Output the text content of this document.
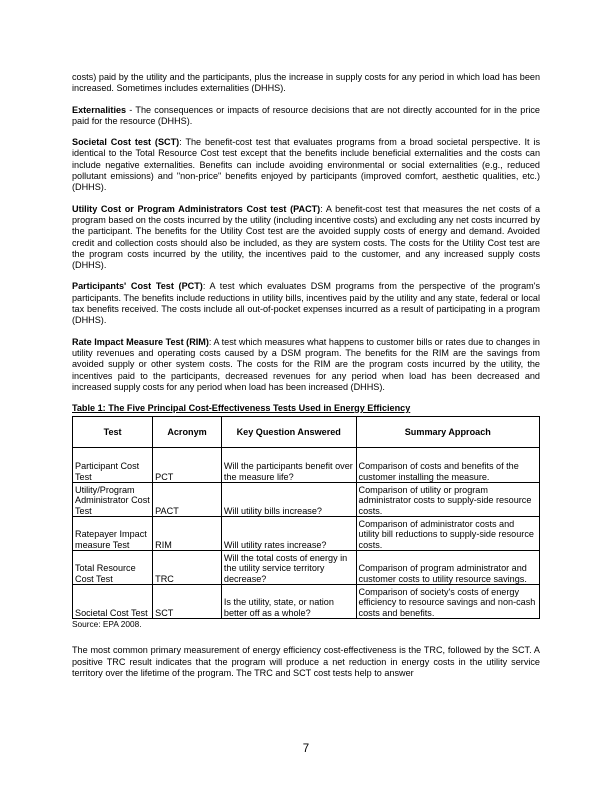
costs) paid by the utility and the participants, plus the increase in supply costs for any period in which load has been increased. Sometimes includes externalities (DHHS).

Externalities - The consequences or impacts of resource decisions that are not directly accounted for in the price paid for the resource (DHHS).

Societal Cost test (SCT): The benefit-cost test that evaluates programs from a broad societal perspective. It is identical to the Total Resource Cost test except that the benefits include beneficial externalities and the costs can include negative externalities. Benefits can include avoiding environmental or social externalities (e.g., reduced pollutant emissions) and "non-price" benefits enjoyed by participants (improved comfort, aesthetic qualities, etc.) (DHHS).

Utility Cost or Program Administrators Cost test (PACT): A benefit-cost test that measures the net costs of a program based on the costs incurred by the utility (including incentive costs) and excluding any net costs incurred by the participant. The benefits for the Utility Cost test are the avoided supply costs of energy and demand. Avoided credit and collection costs should also be included, as they are system costs. The costs for the Utility Cost test are the program costs incurred by the utility, the incentives paid to the customer, and any increased supply costs (DHHS).

Participants' Cost Test (PCT): A test which evaluates DSM programs from the perspective of the program's participants. The benefits include reductions in utility bills, incentives paid by the utility and any state, federal or local tax benefits received. The costs include all out-of-pocket expenses incurred as a result of participating in a program (DHHS).

Rate Impact Measure Test (RIM): A test which measures what happens to customer bills or rates due to changes in utility revenues and operating costs caused by a DSM program. The benefits for the RIM are the savings from avoided supply or other system costs. The costs for the RIM are the program costs incurred by the utility, the incentives paid to the participants, decreased revenues for any period when load has been decreased and increased supply costs for any period when load has been increased (DHHS).

Table 1: The Five Principal Cost-Effectiveness Tests Used in Energy Efficiency
Test	Acronym	Key Question Answered	Summary Approach
Participant Cost Test	PCT	Will the participants benefit over the measure life?	Comparison of costs and benefits of the customer installing the measure.
Utility/Program Administrator Cost Test	PACT	Will utility bills increase?	Comparison of utility or program administrator costs to supply-side resource costs.
Ratepayer Impact measure Test	RIM	Will utility rates increase?	Comparison of administrator costs and utility bill reductions to supply-side resource costs.
Total Resource Cost Test	TRC	Will the total costs of energy in the utility service territory decrease?	Comparison of program administrator and customer costs to utility resource savings.
Societal Cost Test	SCT	Is the utility, state, or nation better off as a whole?	Comparison of society's costs of energy efficiency to resource savings and non-cash costs and benefits.
Source: EPA 2008.

The most common primary measurement of energy efficiency cost-effectiveness is the TRC, followed by the SCT. A positive TRC result indicates that the program will produce a net reduction in energy costs in the utility service territory over the lifetime of the program. The TRC and SCT cost tests help to answer

7
